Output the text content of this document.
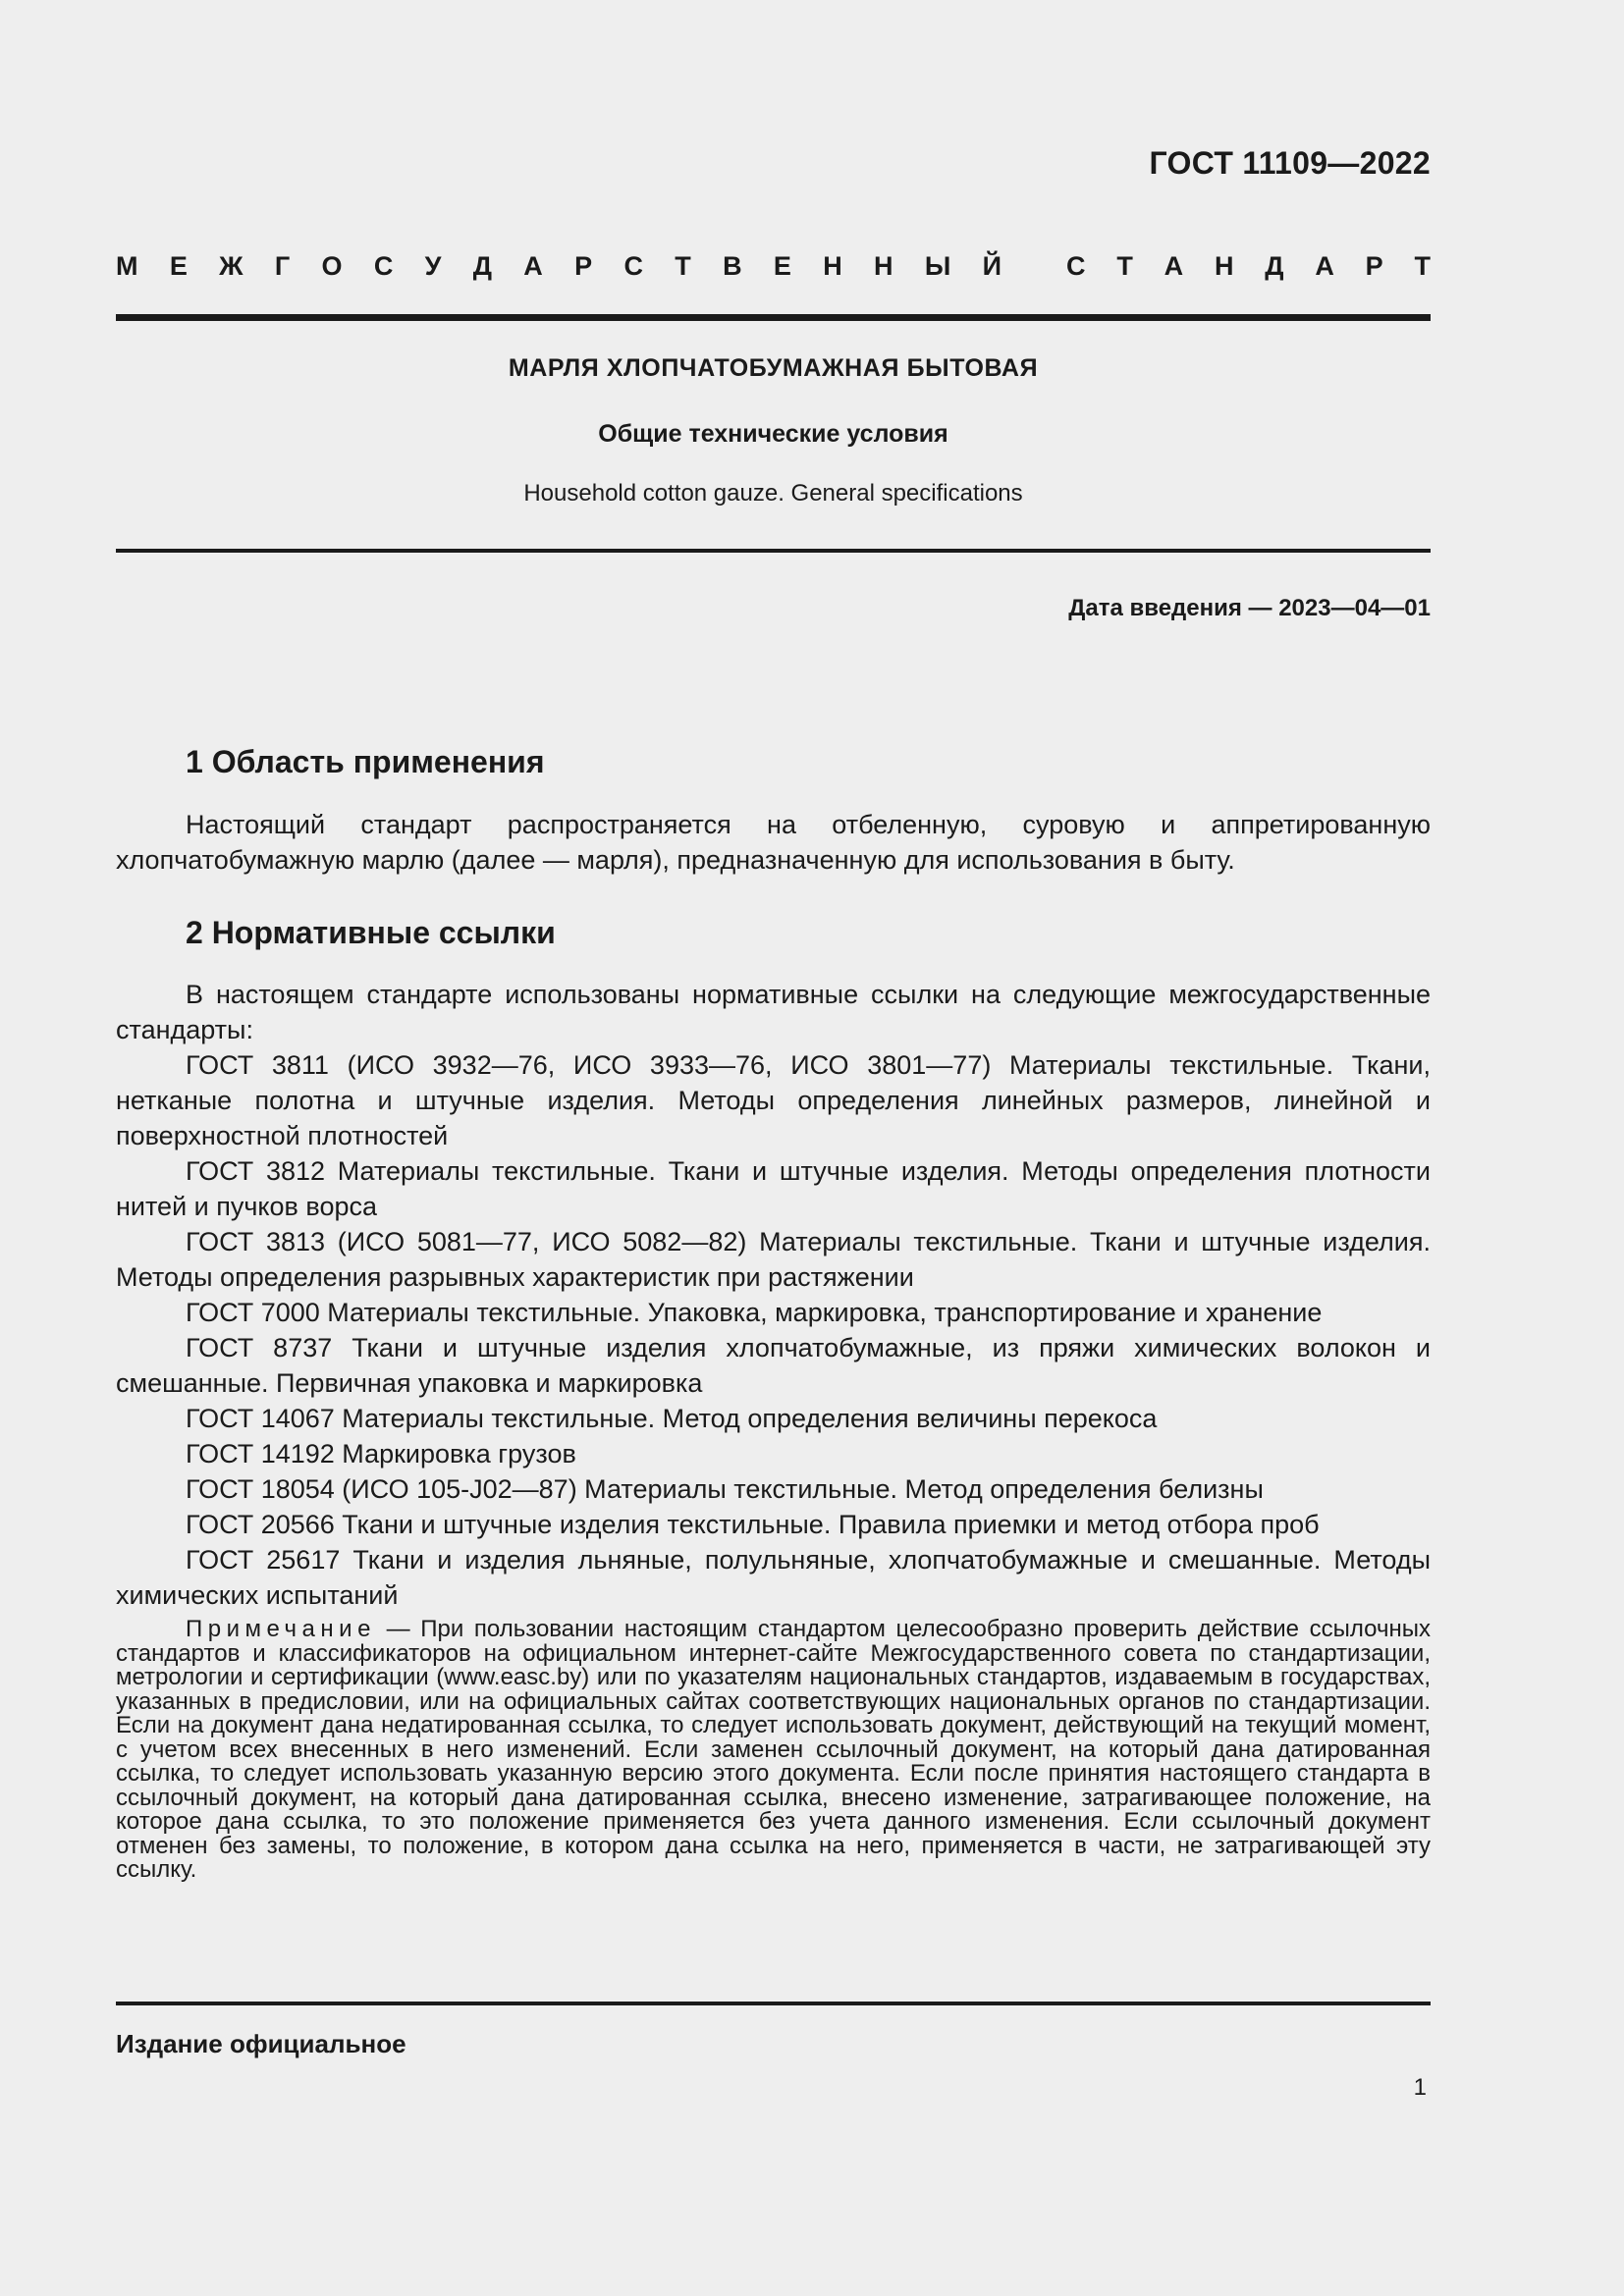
ГОСТ 11109—2022
М Е Ж Г О С У Д А Р С Т В Е Н Н Ы Й С Т А Н Д А Р Т
МАРЛЯ ХЛОПЧАТОБУМАЖНАЯ БЫТОВАЯ
Общие технические условия
Household cotton gauze. General specifications
Дата введения — 2023—04—01
1 Область применения

Настоящий стандарт распространяется на отбеленную, суровую и аппретированную хлопчатобумажную марлю (далее — марля), предназначенную для использования в быту.

2 Нормативные ссылки

В настоящем стандарте использованы нормативные ссылки на следующие межгосударственные стандарты:

ГОСТ 3811 (ИСО 3932—76, ИСО 3933—76, ИСО 3801—77) Материалы текстильные. Ткани, нетканые полотна и штучные изделия. Методы определения линейных размеров, линейной и поверхностной плотностей

ГОСТ 3812 Материалы текстильные. Ткани и штучные изделия. Методы определения плотности нитей и пучков ворса

ГОСТ 3813 (ИСО 5081—77, ИСО 5082—82) Материалы текстильные. Ткани и штучные изделия. Методы определения разрывных характеристик при растяжении

ГОСТ 7000 Материалы текстильные. Упаковка, маркировка, транспортирование и хранение

ГОСТ 8737 Ткани и штучные изделия хлопчатобумажные, из пряжи химических волокон и смешанные. Первичная упаковка и маркировка

ГОСТ 14067 Материалы текстильные. Метод определения величины перекоса

ГОСТ 14192 Маркировка грузов

ГОСТ 18054 (ИСО 105-J02—87) Материалы текстильные. Метод определения белизны

ГОСТ 20566 Ткани и штучные изделия текстильные. Правила приемки и метод отбора проб

ГОСТ 25617 Ткани и изделия льняные, полульняные, хлопчатобумажные и смешанные. Методы химических испытаний

Примечание — При пользовании настоящим стандартом целесообразно проверить действие ссылочных стандартов и классификаторов на официальном интернет-сайте Межгосударственного совета по стандартизации, метрологии и сертификации (www.easc.by) или по указателям национальных стандартов, издаваемым в государствах, указанных в предисловии, или на официальных сайтах соответствующих национальных органов по стандартизации. Если на документ дана недатированная ссылка, то следует использовать документ, действующий на текущий момент, с учетом всех внесенных в него изменений. Если заменен ссылочный документ, на который дана датированная ссылка, то следует использовать указанную версию этого документа. Если после принятия настоящего стандарта в ссылочный документ, на который дана датированная ссылка, внесено изменение, затрагивающее положение, на которое дана ссылка, то это положение применяется без учета данного изменения. Если ссылочный документ отменен без замены, то положение, в котором дана ссылка на него, применяется в части, не затрагивающей эту ссылку.

Издание официальное
1
